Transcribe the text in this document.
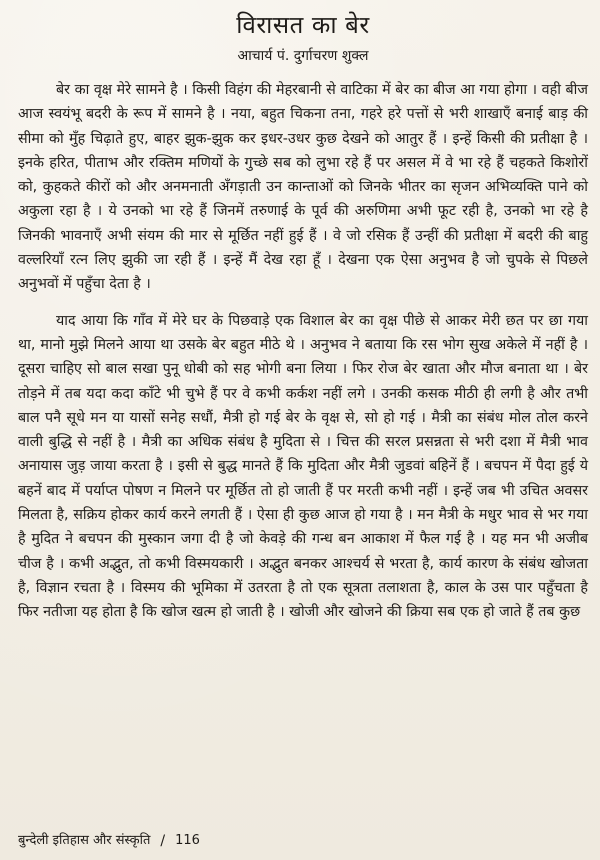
विरासत का बेर
आचार्य पं. दुर्गाचरण शुक्ल

बेर का वृक्ष मेरे सामने है । किसी विहंग की मेहरबानी से वाटिका में बेर का बीज आ गया होगा । वही बीज आज स्वयंभू बदरी के रूप में सामने है । नया, बहुत चिकना तना, गहरे हरे पत्तों से भरी शाखाएँ बनाई बाड़ की सीमा को मुँह चिढ़ाते हुए, बाहर झुक-झुक कर इधर-उधर कुछ देखने को आतुर हैं । इन्हें किसी की प्रतीक्षा है । इनके हरित, पीताभ और रक्तिम मणियों के गुच्छे सब को लुभा रहे हैं पर असल में वे भा रहे हैं चहकते किशोरों को, कुहकते कीरों को और अनमनाती अँगड़ाती उन कान्ताओं को जिनके भीतर का सृजन अभिव्यक्ति पाने को अकुला रहा है । ये उनको भा रहे हैं जिनमें तरुणाई के पूर्व की अरुणिमा अभी फूट रही है, उनको भा रहे है जिनकी भावनाएँ अभी संयम की मार से मूर्छित नहीं हुई हैं । वे जो रसिक हैं उन्हीं की प्रतीक्षा में बदरी की बाहु वल्लरियाँ रत्न लिए झुकी जा रही हैं । इन्हें मैं देख रहा हूँ । देखना एक ऐसा अनुभव है जो चुपके से पिछले अनुभवों में पहुँचा देता है ।

याद आया कि गाँव में मेरे घर के पिछवाड़े एक विशाल बेर का वृक्ष पीछे से आकर मेरी छत पर छा गया था, मानो मुझे मिलने आया था उसके बेर बहुत मीठे थे । अनुभव ने बताया कि रस भोग सुख अकेले में नहीं है । दूसरा चाहिए सो बाल सखा पुनू धोबी को सह भोगी बना लिया । फिर रोज बेर खाता और मौज बनाता था । बेर तोड़ने में तब यदा कदा काँटे भी चुभे हैं पर वे कभी कर्कश नहीं लगे । उनकी कसक मीठी ही लगी है और तभी बाल पनै सूधे मन या यासों सनेह सधौं, मैत्री हो गई बेर के वृक्ष से, सो हो गई । मैत्री का संबंध मोल तोल करने वाली बुद्धि से नहीं है । मैत्री का अधिक संबंध है मुदिता से । चित्त की सरल प्रसन्नता से भरी दशा में मैत्री भाव अनायास जुड़ जाया करता है । इसी से बुद्ध मानते हैं कि मुदिता और मैत्री जुडवां बहिनें हैं । बचपन में पैदा हुई ये बहनें बाद में पर्याप्त पोषण न मिलने पर मूर्छित तो हो जाती हैं पर मरती कभी नहीं । इन्हें जब भी उचित अवसर मिलता है, सक्रिय होकर कार्य करने लगती हैं । ऐसा ही कुछ आज हो गया है । मन मैत्री के मधुर भाव से भर गया है मुदित ने बचपन की मुस्कान जगा दी है जो केवड़े की गन्ध बन आकाश में फैल गई है । यह मन भी अजीब चीज है । कभी अद्भुत, तो कभी विस्मयकारी । अद्भुत बनकर आश्चर्य से भरता है, कार्य कारण के संबंध खोजता है, विज्ञान रचता है । विस्मय की भूमिका में उतरता है तो एक सूत्रता तलाशता है, काल के उस पार पहुँचता है फिर नतीजा यह होता है कि खोज खत्म हो जाती है । खोजी और खोजने की क्रिया सब एक हो जाते हैं तब कुछ

बुन्देली इतिहास और संस्कृति / 116
